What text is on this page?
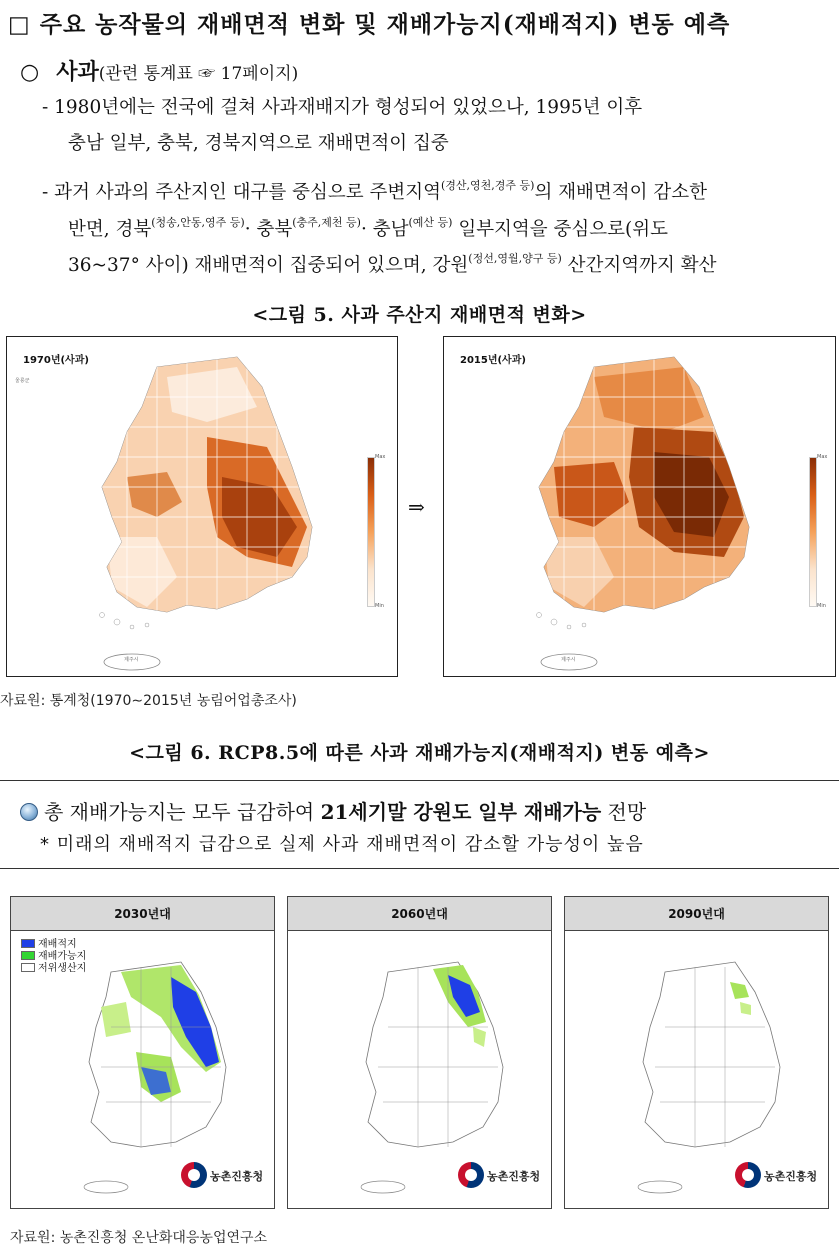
□ 주요 농작물의 재배면적 변화 및 재배가능지(재배적지) 변동 예측
○ 사과(관련 통계표 ☞ 17페이지)
- 1980년에는 전국에 걸쳐 사과재배지가 형성되어 있었으나, 1995년 이후
충남 일부, 충북, 경북지역으로 재배면적이 집중
- 과거 사과의 주산지인 대구를 중심으로 주변지역$^{(경산,영천,경주 등)}$의 재배면적이 감소한
반면, 경북$^{(청송,안동,영주 등)}$· 충북$^{(충주,제천 등)}$· 충남$^{(예산 등)}$ 일부지역을 중심으로(위도
36~37° 사이) 재배면적이 집중되어 있으며, 강원$^{(정선,영월,양구 등)}$ 산간지역까지 확산
<그림 5. 사과 주산지 재배면적 변화>
1970년(사과)
울릉군
제주시
Max
Min
⇒
2015년(사과)
제주시
Max
Min
자료원: 통계청(1970∼2015년 농림어업총조사)
<그림 6. RCP8.5에 따른 사과 재배가능지(재배적지) 변동 예측>
총 재배가능지는 모두 급감하여 21세기말 강원도 일부 재배가능 전망
* 미래의 재배적지 급감으로 실제 사과 재배면적이 감소할 가능성이 높음
2030년대
재배적지
재배가능지
저위생산지
농촌진흥청
2060년대
농촌진흥청
2090년대
농촌진흥청
자료원: 농촌진흥청 온난화대응농업연구소
